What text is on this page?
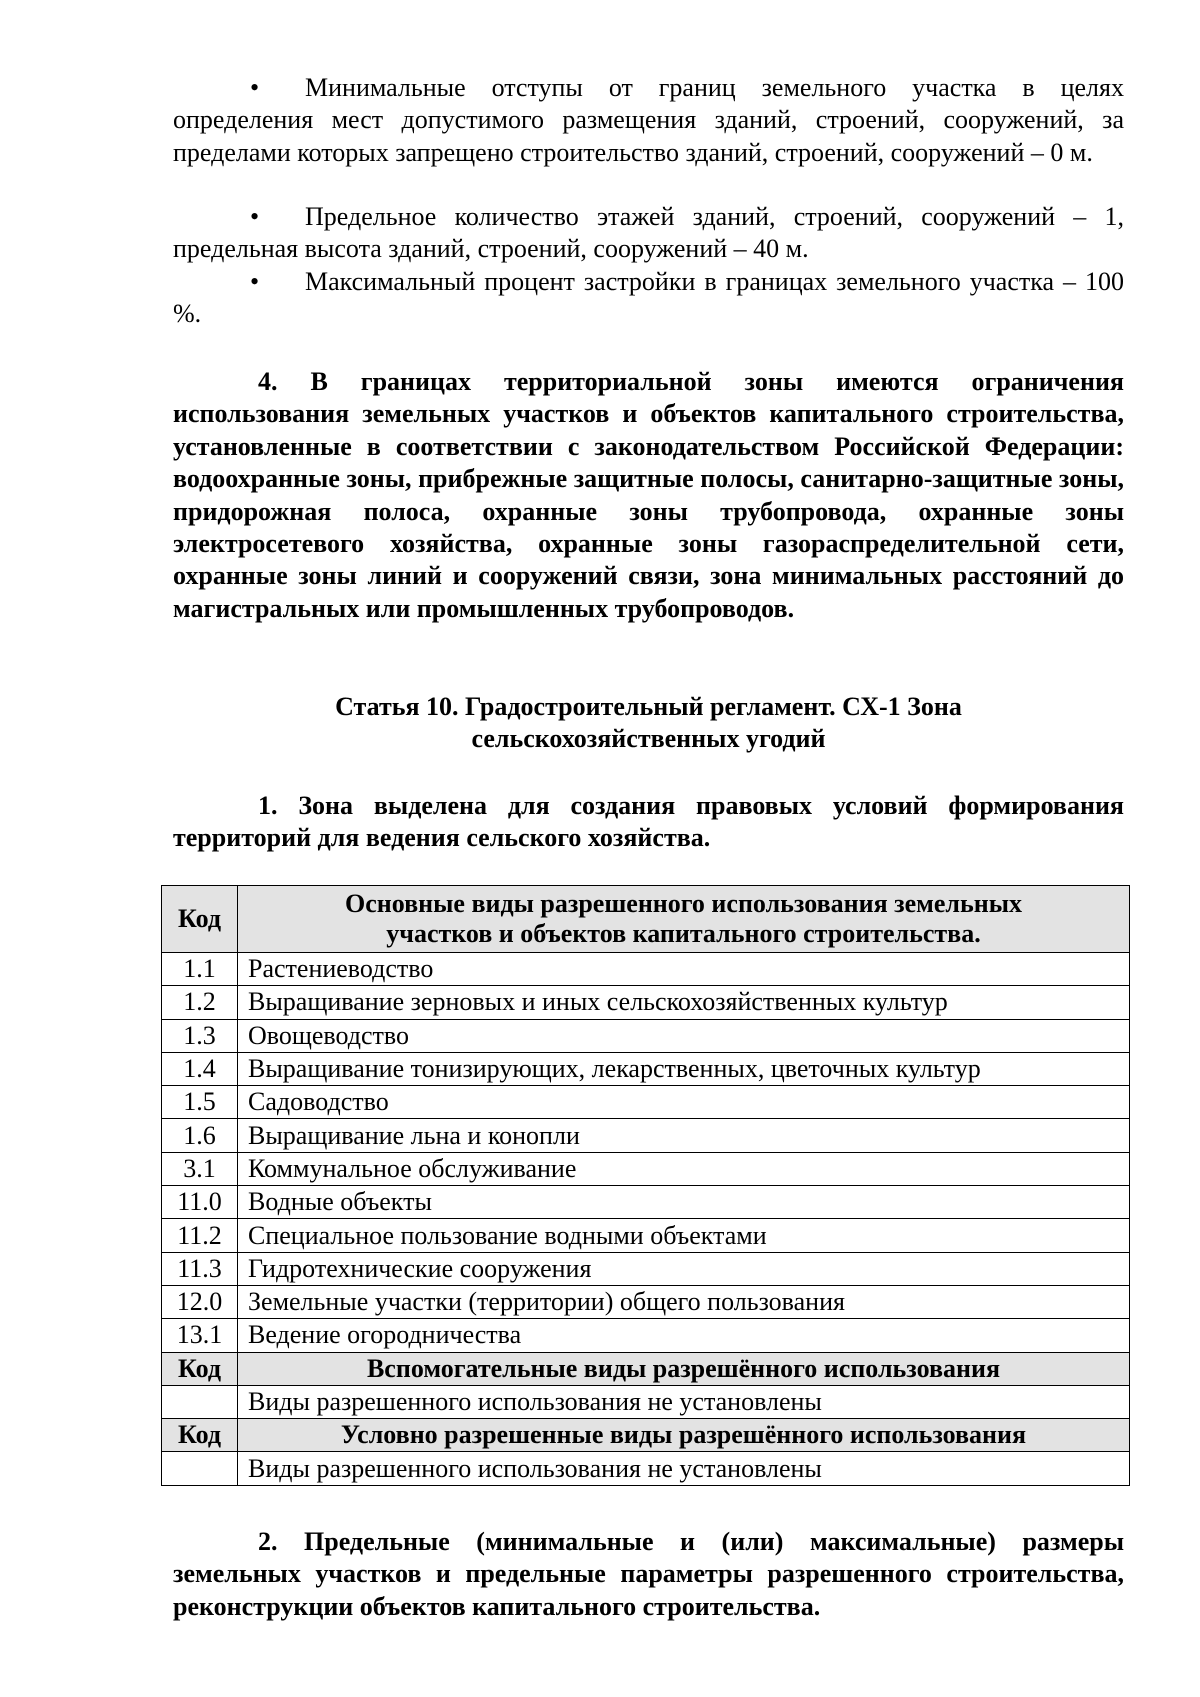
• Минимальные отступы от границ земельного участка в целях определения мест допустимого размещения зданий, строений, сооружений, за пределами которых запрещено строительство зданий, строений, сооружений – 0 м.
• Предельное количество этажей зданий, строений, сооружений – 1, предельная высота зданий, строений, сооружений – 40 м.
• Максимальный процент застройки в границах земельного участка – 100 %.
4. В границах территориальной зоны имеются ограничения использования земельных участков и объектов капитального строительства, установленные в соответствии с законодательством Российской Федерации: водоохранные зоны, прибрежные защитные полосы, санитарно-защитные зоны, придорожная полоса, охранные зоны трубопровода, охранные зоны электросетевого хозяйства, охранные зоны газораспределительной сети, охранные зоны линий и сооружений связи, зона минимальных расстояний до магистральных или промышленных трубопроводов.
Статья 10. Градостроительный регламент. СХ-1 Зона
сельскохозяйственных угодий
1. Зона выделена для создания правовых условий формирования территорий для ведения сельского хозяйства.
Код	Основные виды разрешенного использования земельных
участков и объектов капитального строительства.

1.1	Растениеводство
1.2	Выращивание зерновых и иных сельскохозяйственных культур
1.3	Овощеводство
1.4	Выращивание тонизирующих, лекарственных, цветочных культур
1.5	Садоводство
1.6	Выращивание льна и конопли
3.1	Коммунальное обслуживание
11.0	Водные объекты
11.2	Специальное пользование водными объектами
11.3	Гидротехнические сооружения
12.0	Земельные участки (территории) общего пользования
13.1	Ведение огородничества
Код	Вспомогательные виды разрешённого использования
	Виды разрешенного использования не установлены
Код	Условно разрешенные виды разрешённого использования
	Виды разрешенного использования не установлены
2. Предельные (минимальные и (или) максимальные) размеры земельных участков и предельные параметры разрешенного строительства, реконструкции объектов капитального строительства.
